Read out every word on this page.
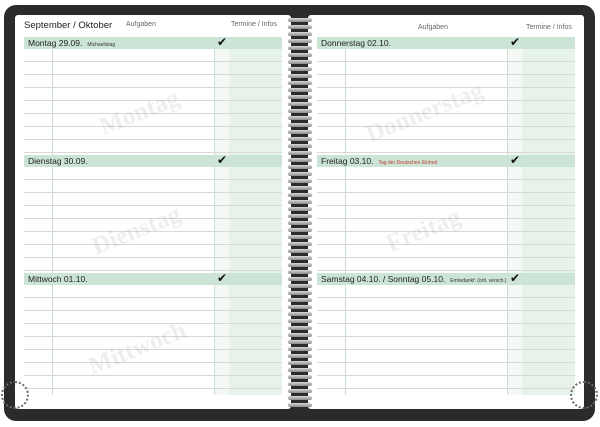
September / Oktober Aufgaben	Termine / Infos
Montag 29.09. Michaelistag	✔
Montag
Dienstag 30.09.	✔
Dienstag
Mittwoch 01.10.	✔
Mittwoch
Aufgaben	Termine / Infos
Donnerstag 02.10.	✔
Donnerstag
Freitag 03.10. Tag der Deutschen Einheit	✔
Freitag
Samstag 04.10. / Sonntag 05.10. Erntedankf. (örtl. versch.) ✔
